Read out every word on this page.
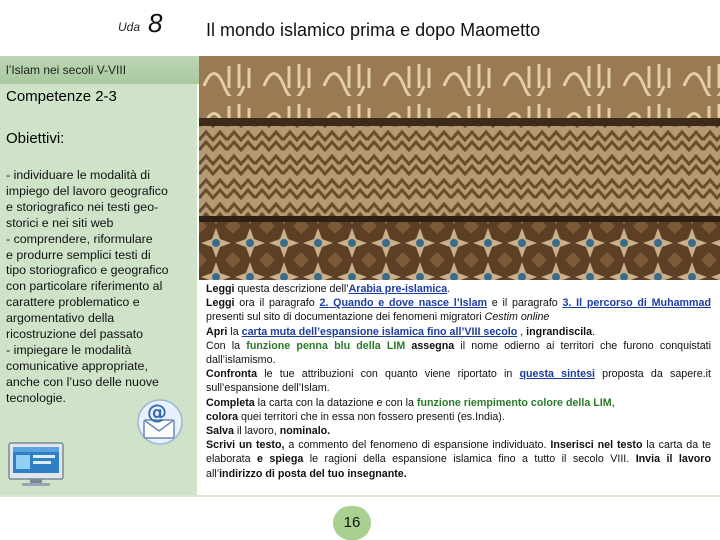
Uda 8 Il mondo islamico prima e dopo Maometto
l’Islam nei secoli V-VIII
Competenze 2-3
Obiettivi:
- individuare le modalità di
impiego del lavoro geografico
e storiografico nei testi geo-
storici e nei siti web
- comprendere, riformulare
e produrre semplici testi di
tipo storiografico e geografico
con particolare riferimento al
carattere problematico e
argomentativo della
ricostruzione del passato
- impiegare le modalità
comunicative appropriate,
anche con l’uso delle nuove
tecnologie.

Leggi questa descrizione dell’Arabia pre-islamica.

Leggi ora il paragrafo 2. Quando e dove nasce l’Islam e il paragrafo 3. Il percorso di Muhammad presenti sul sito di documentazione dei fenomeni migratori Cestim online

Apri la carta muta dell’espansione islamica fino all’VIII secolo , ingrandiscila.

Con la funzione penna blu della LIM assegna il nome odierno ai territori che furono conquistati dall’islamismo.

Confronta le tue attribuzioni con quanto viene riportato in questa sintesi proposta da sapere.it sull’espansione dell’Islam.

Completa la carta con la datazione e con la funzione riempimento colore della LIM,

colora quei territori che in essa non fossero presenti (es.India).

Salva il lavoro, nominalo.

Scrivi un testo, a commento del fenomeno di espansione individuato. Inserisci nel testo la carta da te elaborata e spiega le ragioni della espansione islamica fino a tutto il secolo VIII. Invia il lavoro all’indirizzo di posta del tuo insegnante.

@
16
